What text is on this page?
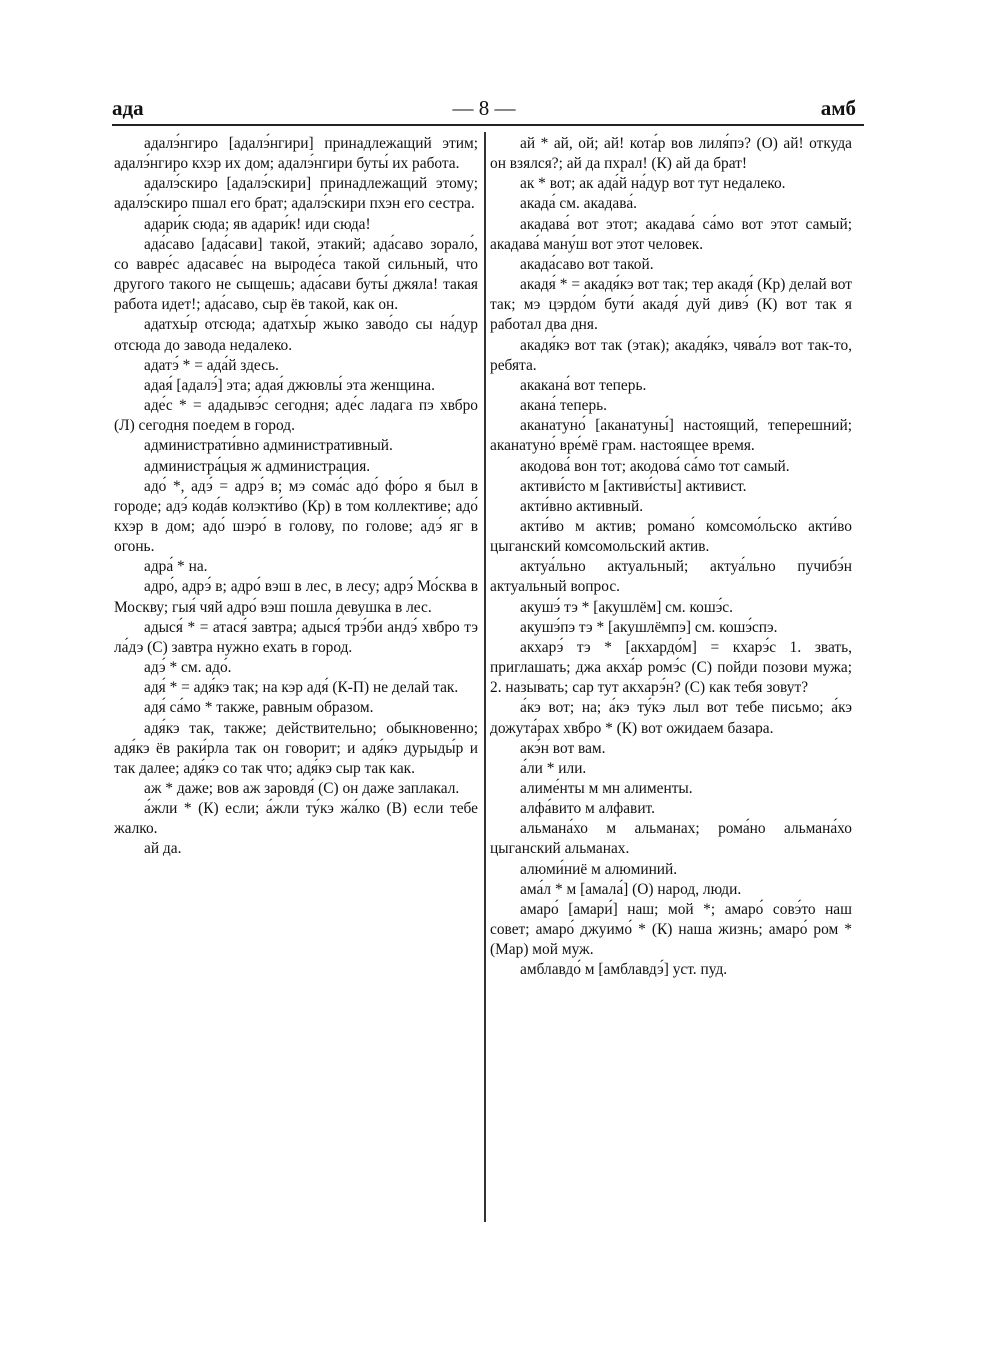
ада	— 8 —	амб

адалэ́нгиро [адалэ́нгири] принадлежащий этим; адалэ́нгиро кхэр их дом; адалэ́нгири буты́ их работа.

адалэ́скиро [адалэ́скири] принадлежащий этому; адалэ́скиро пшал его брат; адалэ́скири пхэн его сестра.

адари́к сюда; яв адари́к! иди сюда!

ада́саво [ада́сави] такой, этакий; ада́саво зорало́, со вавре́с адасаве́с на выроде́са такой сильный, что другого такого не сыщешь; ада́сави буты́ джяла! такая работа идет!; ада́саво, сыр ёв такой, как он.

адатхы́р отсюда; адатхы́р жыко заво́до сы на́дур отсюда до завода недалеко.

адатэ́ * = ада́й здесь.

адая́ [адалэ́] эта; адая́ джювлы́ эта женщина.

аде́с * = ададывэ́с сегодня; аде́с ладага пэ хвбро (Л) сегодня поедем в город.

администрати́вно административный.

администра́цыя ж администрация.

адо́ *, адэ́ = адрэ́ в; мэ сома́с адо́ фо́ро я был в городе; адэ́ кода́в колэкти́во (Кр) в том коллективе; адо́ кхэр в дом; адо́ шэро́ в голову, по голове; адэ́ яг в огонь.

адра́ * на.

адро́, адрэ́ в; адро́ вэш в лес, в лесу; адрэ́ Мо́сква в Москву; гыя́ чяй адро́ вэш пошла девушка в лес.

адыся́ * = атася́ завтра; адыся́ трэ́би андэ́ хвбро тэ ла́дэ (С) завтра нужно ехать в город.

адэ́ * см. адо́.

адя́ * = адя́кэ так; на кэр адя́ (К-П) не делай так.

адя́ са́мо * также, равным образом.

адя́кэ так, также; действительно; обыкновенно; адя́кэ ёв раки́рла так он говорит; и адя́кэ дурыды́р и так далее; адя́кэ со так что; адя́кэ сыр так как.

аж * даже; вов аж заровдя́ (С) он даже заплакал.

а́жли * (К) если; а́жли ту́кэ жа́лко (В) если тебе жалко.

ай да.

ай * ай, ой; ай! кота́р вов лиля́пэ? (О) ай! откуда он взялся?; ай да пхрал! (К) ай да брат!

ак * вот; ак ада́й на́дур вот тут недалеко.

акада́ см. акадава́.

акадава́ вот этот; акадава́ са́мо вот этот самый; акадава́ ману́ш вот этот человек.

акада́саво вот такой.

акадя́ * = акадя́кэ вот так; тер акадя́ (Кр) делай вот так; мэ цэрдо́м бути́ акадя́ дуй дивэ́ (К) вот так я работал два дня.

акадя́кэ вот так (этак); акадя́кэ, чява́лэ вот так-то, ребята.

акакана́ вот теперь.

акана́ теперь.

аканатуно́ [аканатуны́] настоящий, теперешний; аканатуно́ вре́мё грам. настоящее время.

акодова́ вон тот; акодова́ са́мо тот самый.

активи́сто м [активи́сты] активист.

акти́вно активный.

акти́во м актив; романо́ комсомо́льско акти́во цыганский комсомольский актив.

актуа́льно актуальный; актуа́льно пучибэ́н актуальный вопрос.

акушэ́ тэ * [акушлём] см. кошэ́с.

акушэ́пэ тэ * [акушлёмпэ] см. кошэ́спэ.

акхарэ́ тэ * [акхардо́м] = кхарэ́с 1. звать, приглашать; джа акха́р ромэ́с (С) пойди позови мужа; 2. называть; сар тут акхарэ́н? (С) как тебя зовут?

а́кэ вот; на; а́кэ ту́кэ лыл вот тебе письмо; а́кэ дожута́рах хвбро * (К) вот ожидаем базара.

акэ́н вот вам.

а́ли * или.

алиме́нты м мн алименты.

алфа́вито м алфавит.

альмана́хо м альманах; рома́но альмана́хо цыганский альманах.

алюми́ниё м алюминий.

ама́л * м [амала́] (О) народ, люди.

амаро́ [амари́] наш; мой *; амаро́ совэ́то наш совет; амаро́ джуимо́ * (К) наша жизнь; амаро́ ром * (Мар) мой муж.

амблавдо́ м [амблавдэ́] уст. пуд.
